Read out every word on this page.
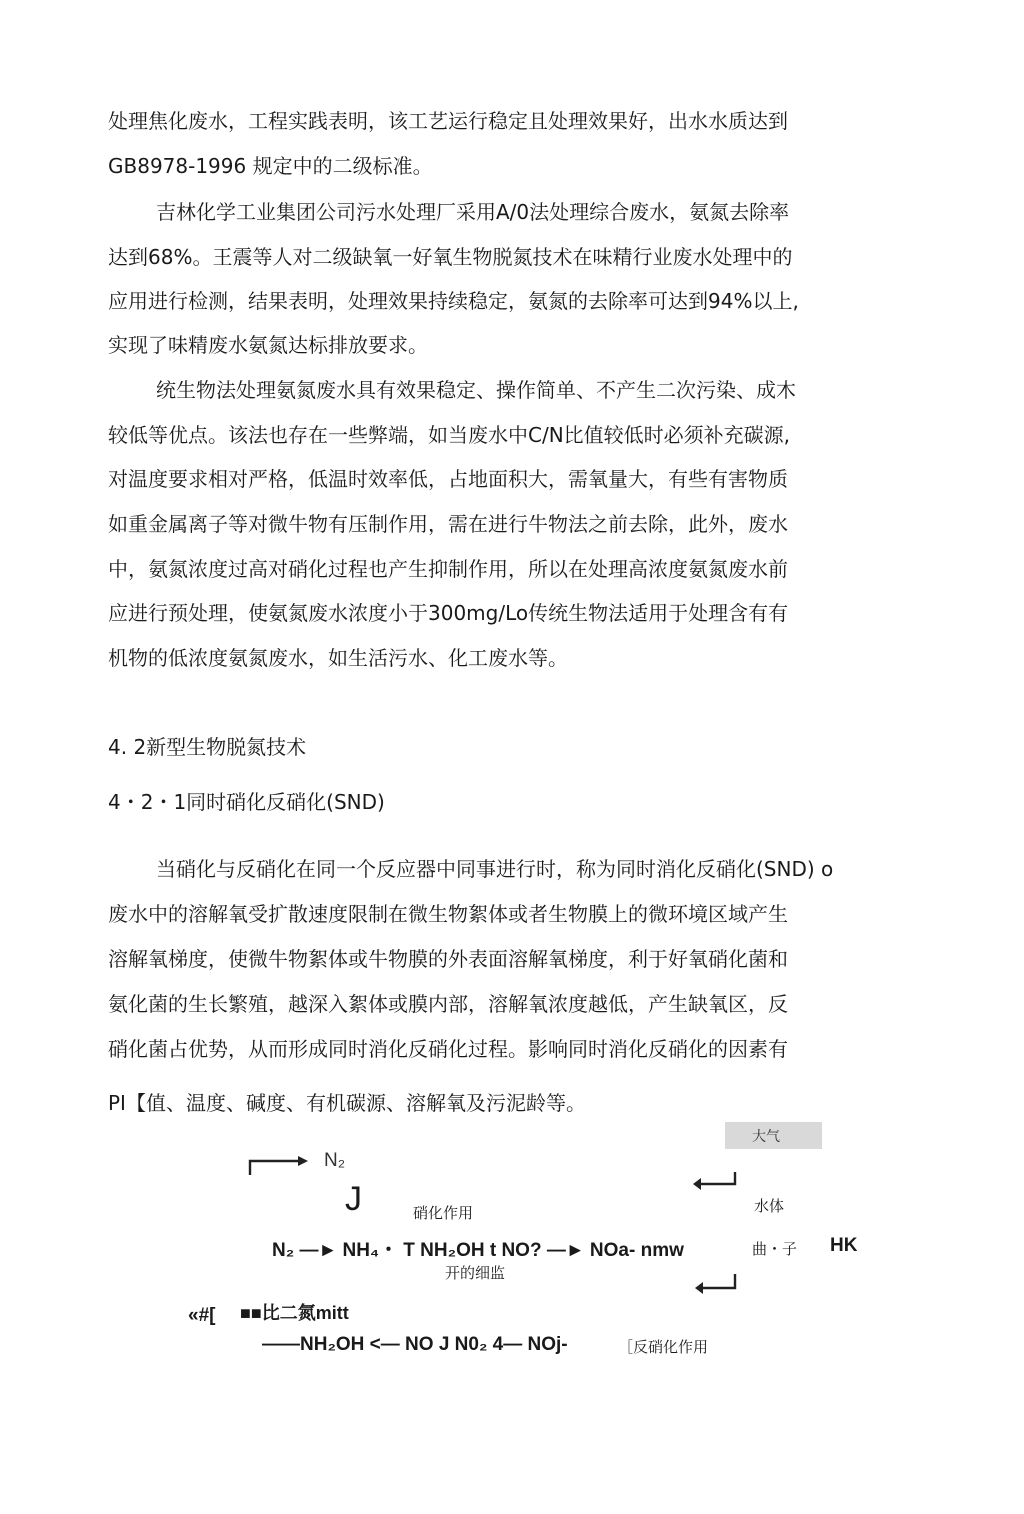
处理焦化废水，工程实践表明，该工艺运行稳定且处理效果好，出水水质达到
GB8978-1996 规定中的二级标准。
吉林化学工业集团公司污水处理厂采用A/0法处理综合废水，氨氮去除率
达到68%。王震等人对二级缺氧一好氧生物脱氮技术在味精行业废水处理中的
应用进行检测，结果表明，处理效果持续稳定，氨氮的去除率可达到94%以上,
实现了味精废水氨氮达标排放要求。
统生物法处理氨氮废水具有效果稳定、操作简单、不产生二次污染、成木
较低等优点。该法也存在一些弊端，如当废水中C/N比值较低时必须补充碳源,
对温度要求相对严格，低温时效率低，占地面积大，需氧量大，有些有害物质
如重金属离子等对微牛物有压制作用，需在进行牛物法之前去除，此外，废水
中，氨氮浓度过高对硝化过程也产生抑制作用，所以在处理高浓度氨氮废水前
应进行预处理，使氨氮废水浓度小于300mg/Lo传统生物法适用于处理含有有
机物的低浓度氨氮废水，如生活污水、化工废水等。
4. 2新型生物脱氮技术
4・2・1同时硝化反硝化(SND)
当硝化与反硝化在同一个反应器中同事进行时，称为同时消化反硝化(SND) o
废水中的溶解氧受扩散速度限制在微生物絮体或者生物膜上的微环境区域产生
溶解氧梯度，使微牛物絮体或牛物膜的外表面溶解氧梯度，利于好氧硝化菌和
氨化菌的生长繁殖，越深入絮体或膜内部，溶解氧浓度越低，产生缺氧区，反
硝化菌占优势，从而形成同时消化反硝化过程。影响同时消化反硝化的因素有
PI【值、温度、碱度、有机碳源、溶解氧及污泥龄等。
大气
N₂
J	硝化作用	水体
N₂ —► NH₄・ T NH₂OH t NO? —► NOa- nmw	曲・子 HK
开的细监
«#[ ■■比二氮mitt
——NH₂OH <— NO J N0₂ 4— NOj-	［反硝化作用
